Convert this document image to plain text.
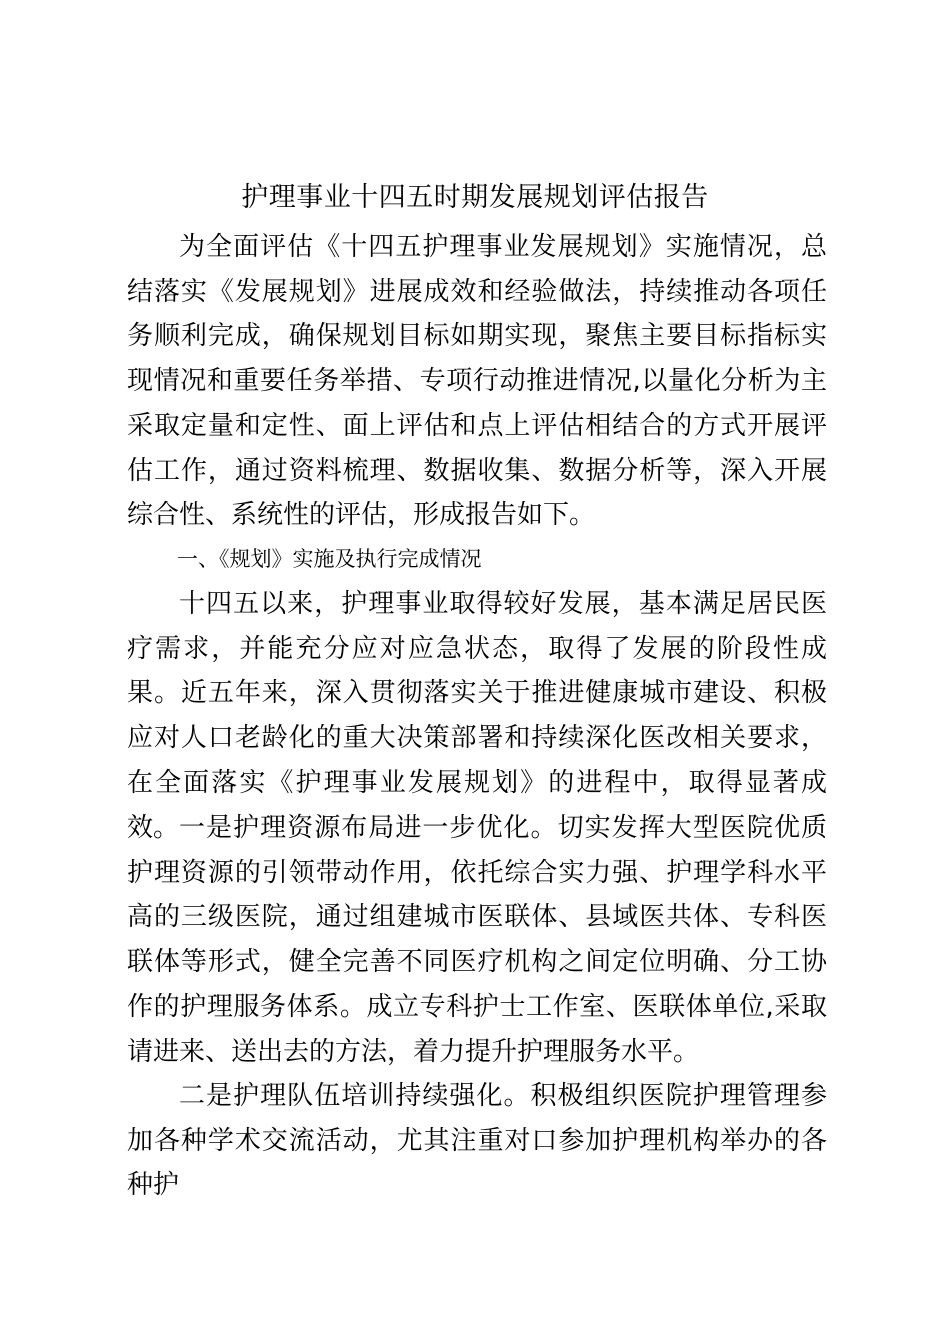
护理事业十四五时期发展规划评估报告

为全面评估《十四五护理事业发展规划》实施情况，总结落实《发展规划》进展成效和经验做法，持续推动各项任务顺利完成，确保规划目标如期实现，聚焦主要目标指标实现情况和重要任务举措、专项行动推进情况,以量化分析为主采取定量和定性、面上评估和点上评估相结合的方式开展评估工作，通过资料梳理、数据收集、数据分析等，深入开展综合性、系统性的评估，形成报告如下。

一、《规划》实施及执行完成情况

十四五以来，护理事业取得较好发展，基本满足居民医疗需求，并能充分应对应急状态，取得了发展的阶段性成果。近五年来，深入贯彻落实关于推进健康城市建设、积极应对人口老龄化的重大决策部署和持续深化医改相关要求，在全面落实《护理事业发展规划》的进程中，取得显著成效。 一是护理资源布局进一步优化。切实发挥大型医院优质护理资源的引领带动作用，依托综合实力强、护理学科水平高的三级医院，通过组建城市医联体、县域医共体、专科医联体等形式，健全完善不同医疗机构之间定位明确、分工协作的护理服务体系。成立专科护士工作室、医联体单位,采取请进来、送出去的方法，着力提升护理服务水平。

二是护理队伍培训持续强化。积极组织医院护理管理参加各种学术交流活动，尤其注重对口参加护理机构举办的各种护
